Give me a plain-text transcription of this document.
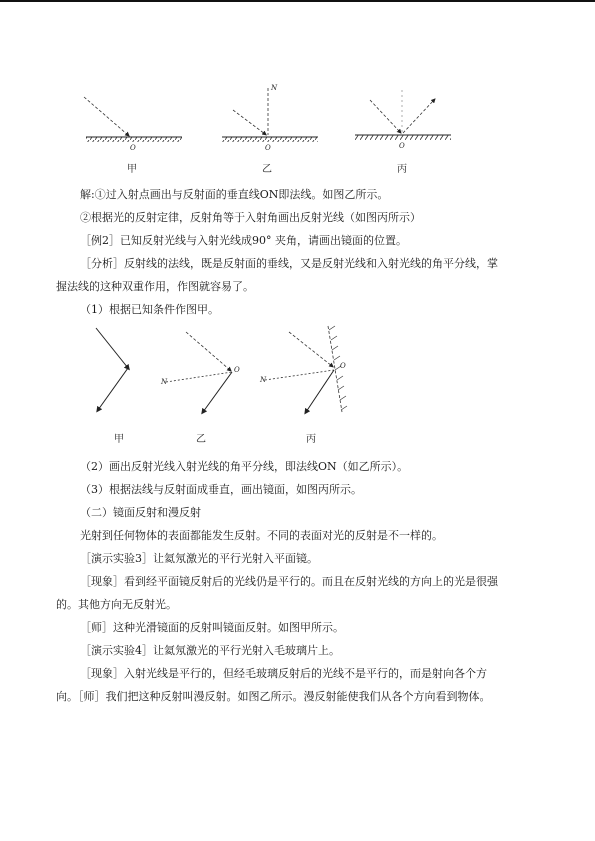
N
O	O	O
甲	乙	丙
解:①过入射点画出与反射面的垂直线ON即法线。如图乙所示。
②根据光的反射定律，反射角等于入射角画出反射光线（如图丙所示）
［例2］已知反射光线与入射光线成90° 夹角，请画出镜面的位置。
［分析］反射线的法线，既是反射面的垂线，又是反射光线和入射光线的角平分线，掌
握法线的这种双重作用，作图就容易了。
（1）根据已知条件作图甲。
N
O
N
O
甲	乙	丙
（2）画出反射光线入射光线的角平分线，即法线ON（如乙所示）。
（3）根据法线与反射面成垂直，画出镜面，如图丙所示。
（二）镜面反射和漫反射
光射到任何物体的表面都能发生反射。不同的表面对光的反射是不一样的。
［演示实验3］让氦氖激光的平行光射入平面镜。
［现象］看到经平面镜反射后的光线仍是平行的。而且在反射光线的方向上的光是很强
的。其他方向无反射光。
［师］这种光滑镜面的反射叫镜面反射。如图甲所示。
［演示实验4］让氦氖激光的平行光射入毛玻璃片上。
［现象］入射光线是平行的，但经毛玻璃反射后的光线不是平行的，而是射向各个方
向。［师］我们把这种反射叫漫反射。如图乙所示。漫反射能使我们从各个方向看到物体。
